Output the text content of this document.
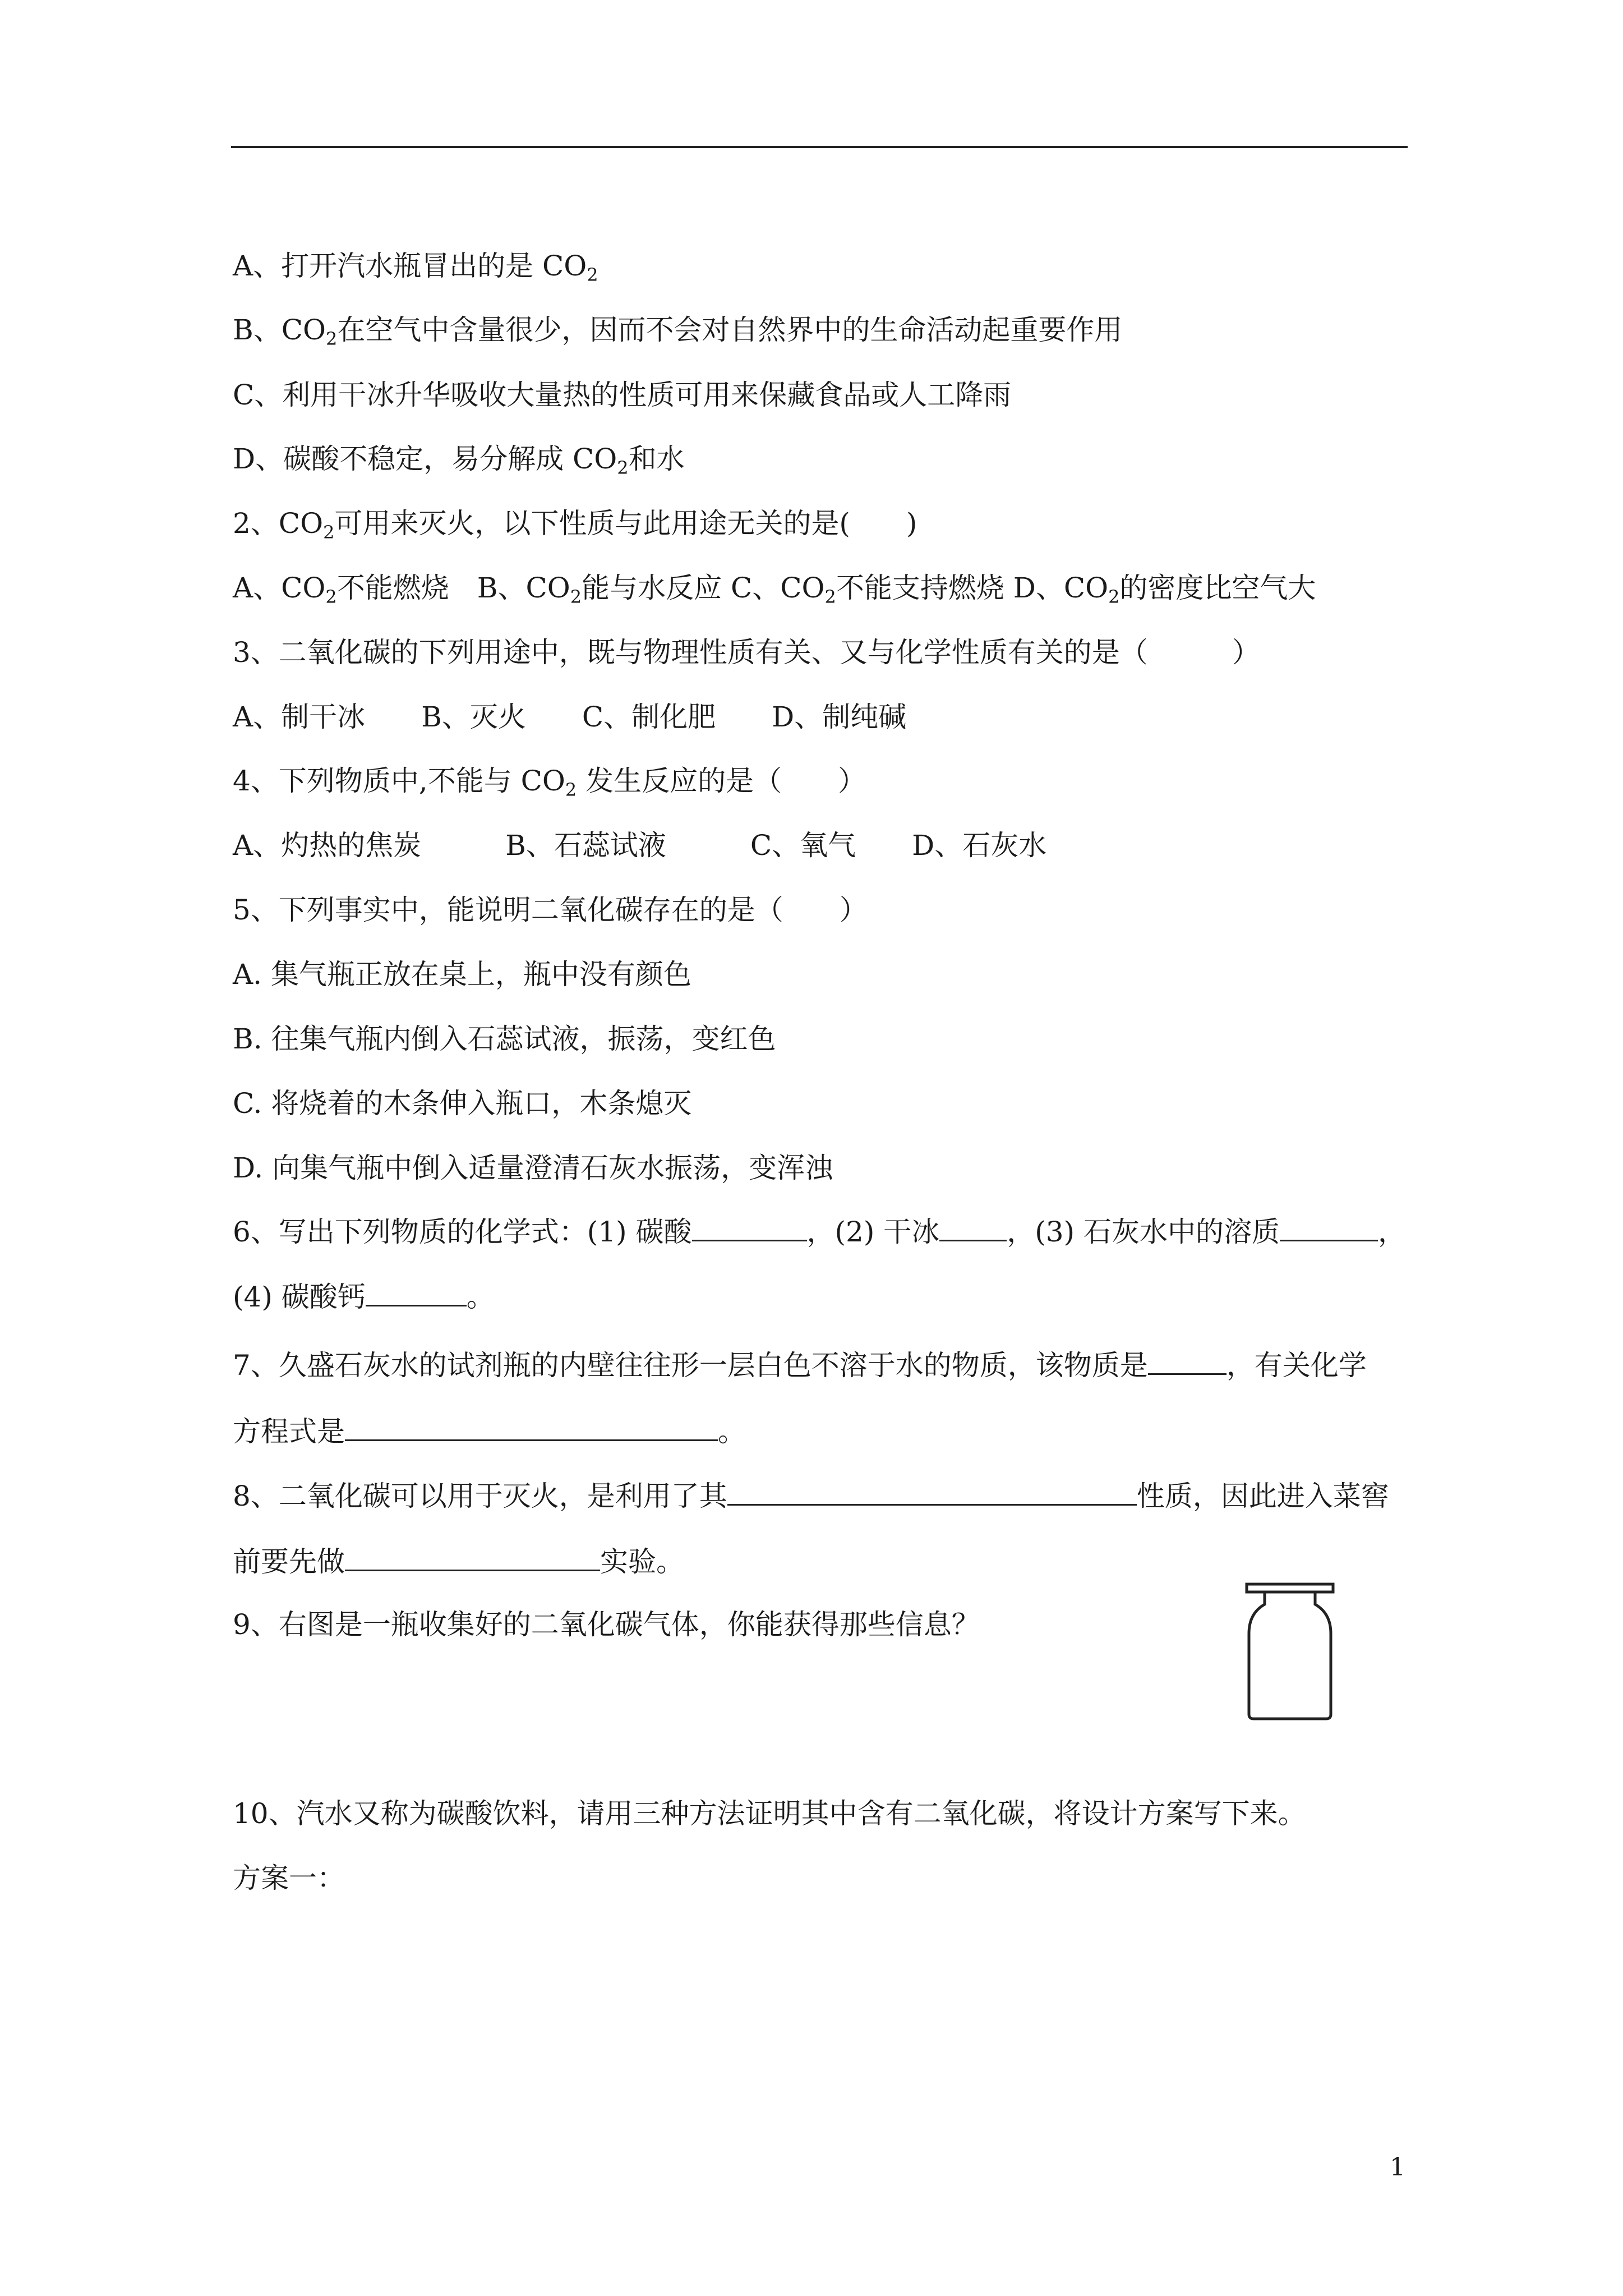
A、打开汽水瓶冒出的是 $CO_2$
B、$CO_2$在空气中含量很少，因而不会对自然界中的生命活动起重要作用
C、利用干冰升华吸收大量热的性质可用来保藏食品或人工降雨
D、碳酸不稳定，易分解成 $CO_2$和水
2、$CO_2$可用来灭火，以下性质与此用途无关的是(　　)
A、$CO_2$不能燃烧　B、$CO_2$能与水反应 C、$CO_2$不能支持燃烧 D、$CO_2$的密度比空气大
3、二氧化碳的下列用途中，既与物理性质有关、又与化学性质有关的是（　　　）
A、制干冰　　B、灭火　　C、制化肥　　D、制纯碱
4、下列物质中,不能与 $CO_2$ 发生反应的是（　　）
A、灼热的焦炭　　　B、石蕊试液　　　C、氧气　　D、石灰水
5、下列事实中，能说明二氧化碳存在的是（　　）
A. 集气瓶正放在桌上，瓶中没有颜色
B. 往集气瓶内倒入石蕊试液，振荡，变红色
C. 将烧着的木条伸入瓶口，木条熄灭
D. 向集气瓶中倒入适量澄清石灰水振荡，变浑浊
6、写出下列物质的化学式：(1) 碳酸	，(2) 干冰 ，(3) 石灰水中的溶质	，
(4) 碳酸钙	。
7、久盛石灰水的试剂瓶的内壁往往形一层白色不溶于水的物质，该物质是	，有关化学
方程式是	。
8、二氧化碳可以用于灭火，是利用了其	性质，因此进入菜窖
前要先做	实验。
9、右图是一瓶收集好的二氧化碳气体，你能获得那些信息？
10、汽水又称为碳酸饮料，请用三种方法证明其中含有二氧化碳，将设计方案写下来。
方案一：
1
